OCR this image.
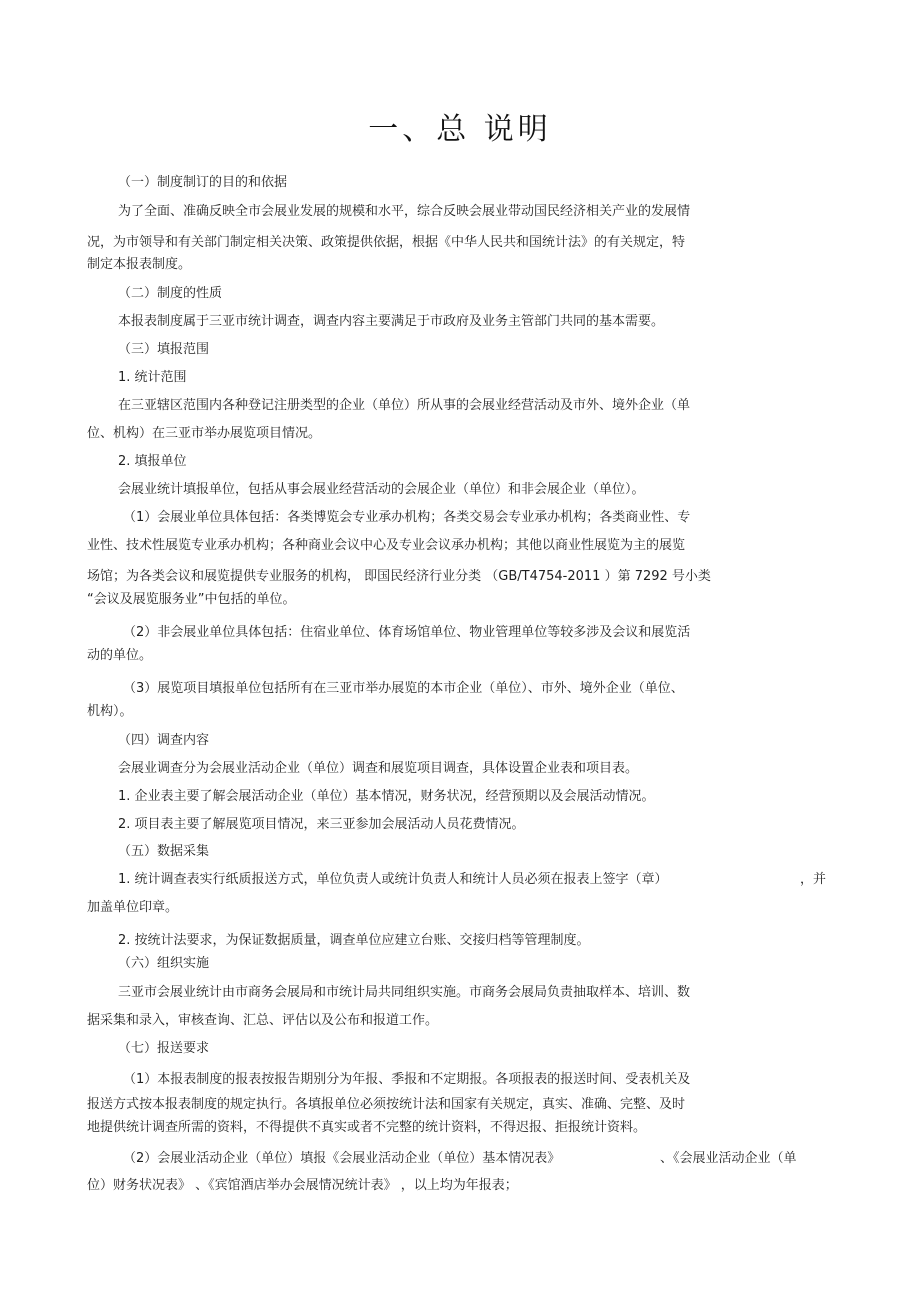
一、总 说明
（一）制度制订的目的和依据
为了全面、准确反映全市会展业发展的规模和水平，综合反映会展业带动国民经济相关产业的发展情
况，为市领导和有关部门制定相关决策、政策提供依据，根据《中华人民共和国统计法》的有关规定，特
制定本报表制度。
（二）制度的性质
本报表制度属于三亚市统计调查，调查内容主要满足于市政府及业务主管部门共同的基本需要。
（三）填报范围
1. 统计范围
在三亚辖区范围内各种登记注册类型的企业（单位）所从事的会展业经营活动及市外、境外企业（单
位、机构）在三亚市举办展览项目情况。
2. 填报单位
会展业统计填报单位，包括从事会展业经营活动的会展企业（单位）和非会展企业（单位）。
（1）会展业单位具体包括：各类博览会专业承办机构；各类交易会专业承办机构；各类商业性、专
业性、技术性展览专业承办机构；各种商业会议中心及专业会议承办机构；其他以商业性展览为主的展览
场馆；为各类会议和展览提供专业服务的机构， 即国民经济行业分类 （GB/T4754-2011 ）第 7292 号小类
“会议及展览服务业”中包括的单位。
（2）非会展业单位具体包括：住宿业单位、体育场馆单位、物业管理单位等较多涉及会议和展览活
动的单位。
（3）展览项目填报单位包括所有在三亚市举办展览的本市企业（单位）、市外、境外企业（单位、
机构）。
（四）调查内容
会展业调查分为会展业活动企业（单位）调查和展览项目调查，具体设置企业表和项目表。
1. 企业表主要了解会展活动企业（单位）基本情况，财务状况，经营预期以及会展活动情况。
2. 项目表主要了解展览项目情况，来三亚参加会展活动人员花费情况。
（五）数据采集
1. 统计调查表实行纸质报送方式，单位负责人或统计负责人和统计人员必须在报表上签字（章）	，并
加盖单位印章。
2. 按统计法要求，为保证数据质量，调查单位应建立台账、交接归档等管理制度。
（六）组织实施
三亚市会展业统计由市商务会展局和市统计局共同组织实施。市商务会展局负责抽取样本、培训、数
据采集和录入，审核查询、汇总、评估以及公布和报道工作。
（七）报送要求
（1）本报表制度的报表按报告期别分为年报、季报和不定期报。各项报表的报送时间、受表机关及
报送方式按本报表制度的规定执行。各填报单位必须按统计法和国家有关规定，真实、准确、完整、及时
地提供统计调查所需的资料，不得提供不真实或者不完整的统计资料，不得迟报、拒报统计资料。
（2）会展业活动企业（单位）填报《会展业活动企业（单位）基本情况表》	、《会展业活动企业（单
位）财务状况表》 、《宾馆酒店举办会展情况统计表》 ，以上均为年报表；
